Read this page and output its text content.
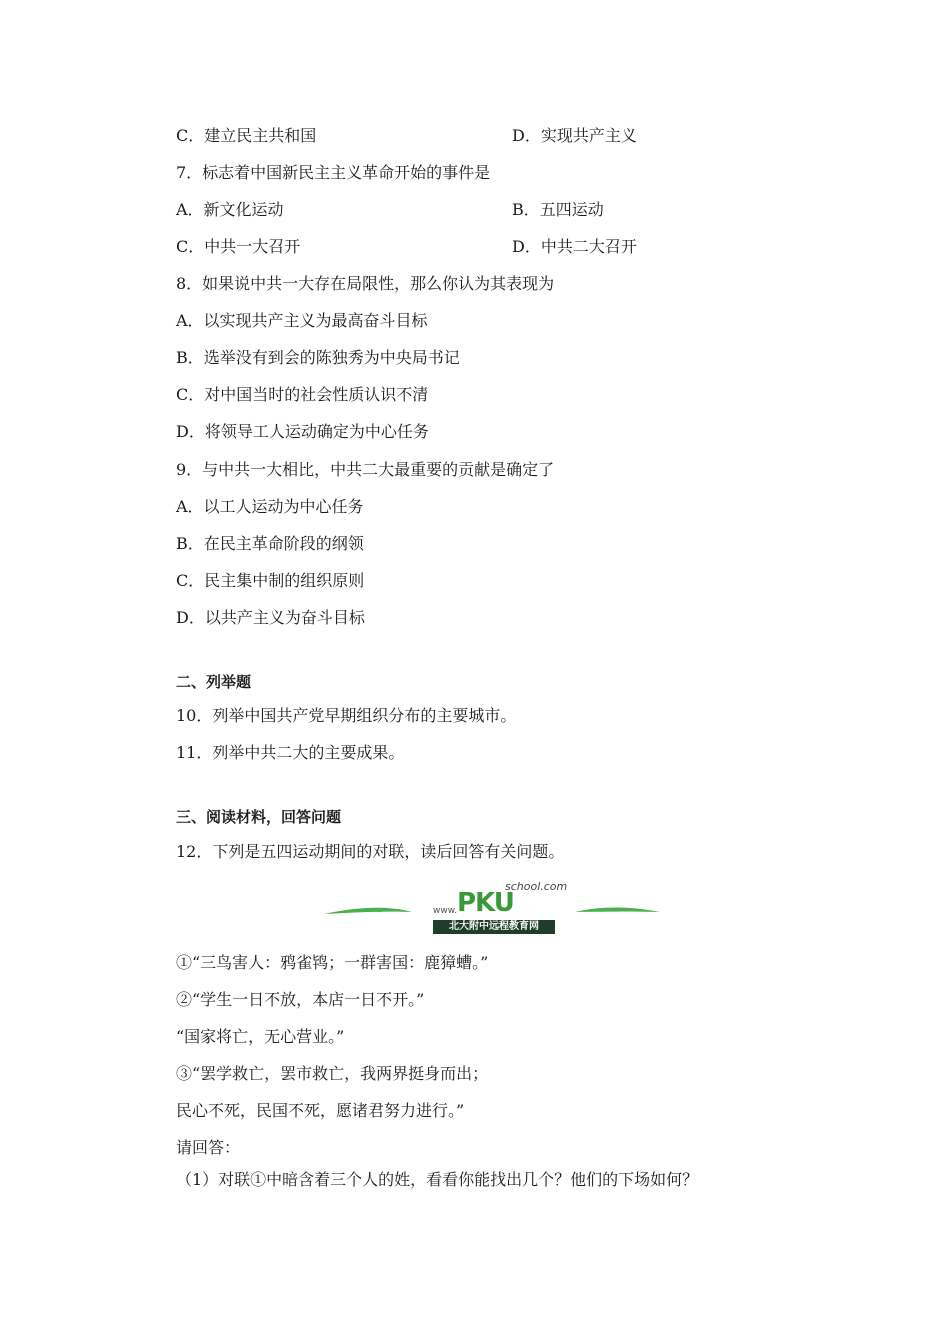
C．建立民主共和国	D．实现共产主义
7．标志着中国新民主主义革命开始的事件是
A．新文化运动	B．五四运动
C．中共一大召开	D．中共二大召开
8．如果说中共一大存在局限性，那么你认为其表现为
A．以实现共产主义为最高奋斗目标
B．选举没有到会的陈独秀为中央局书记
C．对中国当时的社会性质认识不清
D．将领导工人运动确定为中心任务
9．与中共一大相比，中共二大最重要的贡献是确定了
A．以工人运动为中心任务
B．在民主革命阶段的纲领
C．民主集中制的组织原则
D．以共产主义为奋斗目标
二、列举题
10．列举中国共产党早期组织分布的主要城市。
11．列举中共二大的主要成果。
三、阅读材料，回答问题
12．下列是五四运动期间的对联，读后回答有关问题。
school.com
www. PKU
北大附中远程教育网
①“三鸟害人：鸦雀鸨；一群害国：鹿獐螬。”
②“学生一日不放，本店一日不开。”
“国家将亡，无心营业。”
③“罢学救亡，罢市救亡，我两界挺身而出；
民心不死，民国不死，愿诸君努力进行。”
请回答：
（1）对联①中暗含着三个人的姓，看看你能找出几个？他们的下场如何？
